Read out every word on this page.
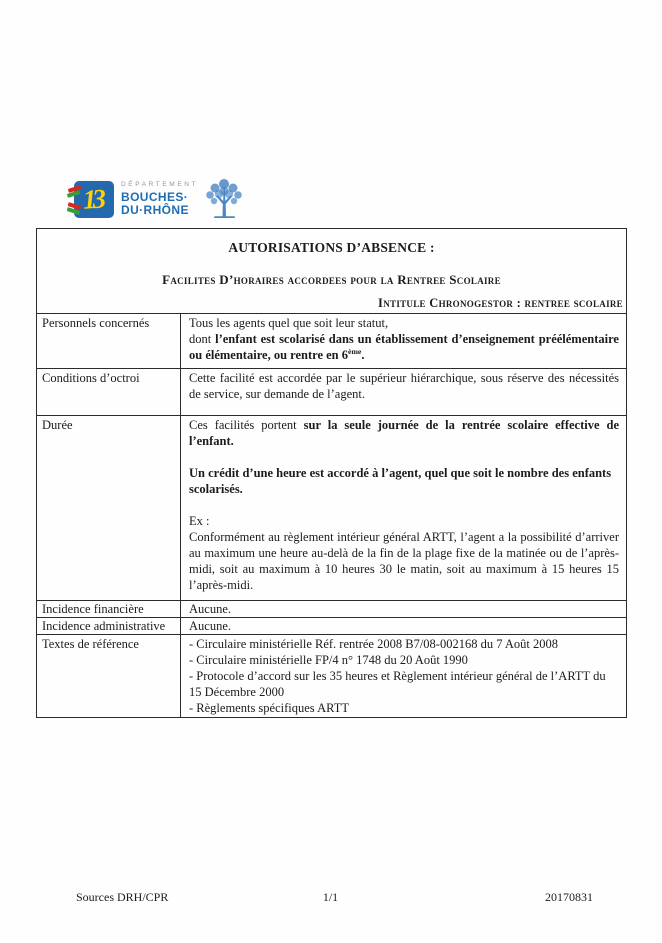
13	DÉPARTEMENT
BOUCHES·
DU·RHÔNE
AUTORISATIONS D’ABSENCE :
Facilites D’horaires accordees pour la Rentree Scolaire
Intitule Chronogestor : rentree scolaire
Personnels concernés	Tous les agents quel que soit leur statut,
dont l’enfant est scolarisé dans un établissement d’enseignement préélémentaire ou élémentaire, ou rentre en 6ème.
Conditions d’octroi	Cette facilité est accordée par le supérieur hiérarchique, sous réserve des nécessités de service, sur demande de l’agent.
Durée	Ces facilités portent sur la seule journée de la rentrée scolaire effective de l’enfant.
Un crédit d’une heure est accordé à l’agent, quel que soit le nombre des enfants scolarisés.
Ex :
Conformément au règlement intérieur général ARTT, l’agent a la possibilité d’arriver au maximum une heure au-delà de la fin de la plage fixe de la matinée ou de l’après-midi, soit au maximum à 10 heures 30 le matin, soit au maximum à 15 heures 15 l’après-midi.
Incidence financière	Aucune.
Incidence administrative	Aucune.
Textes de référence	- Circulaire ministérielle Réf. rentrée 2008 B7/08-002168 du 7 Août 2008
- Circulaire ministérielle FP/4 n° 1748 du 20 Août 1990
- Protocole d’accord sur les 35 heures et Règlement intérieur général de l’ARTT du 15 Décembre 2000
- Règlements spécifiques ARTT
1/1
Sources DRH/CPR	20170831
